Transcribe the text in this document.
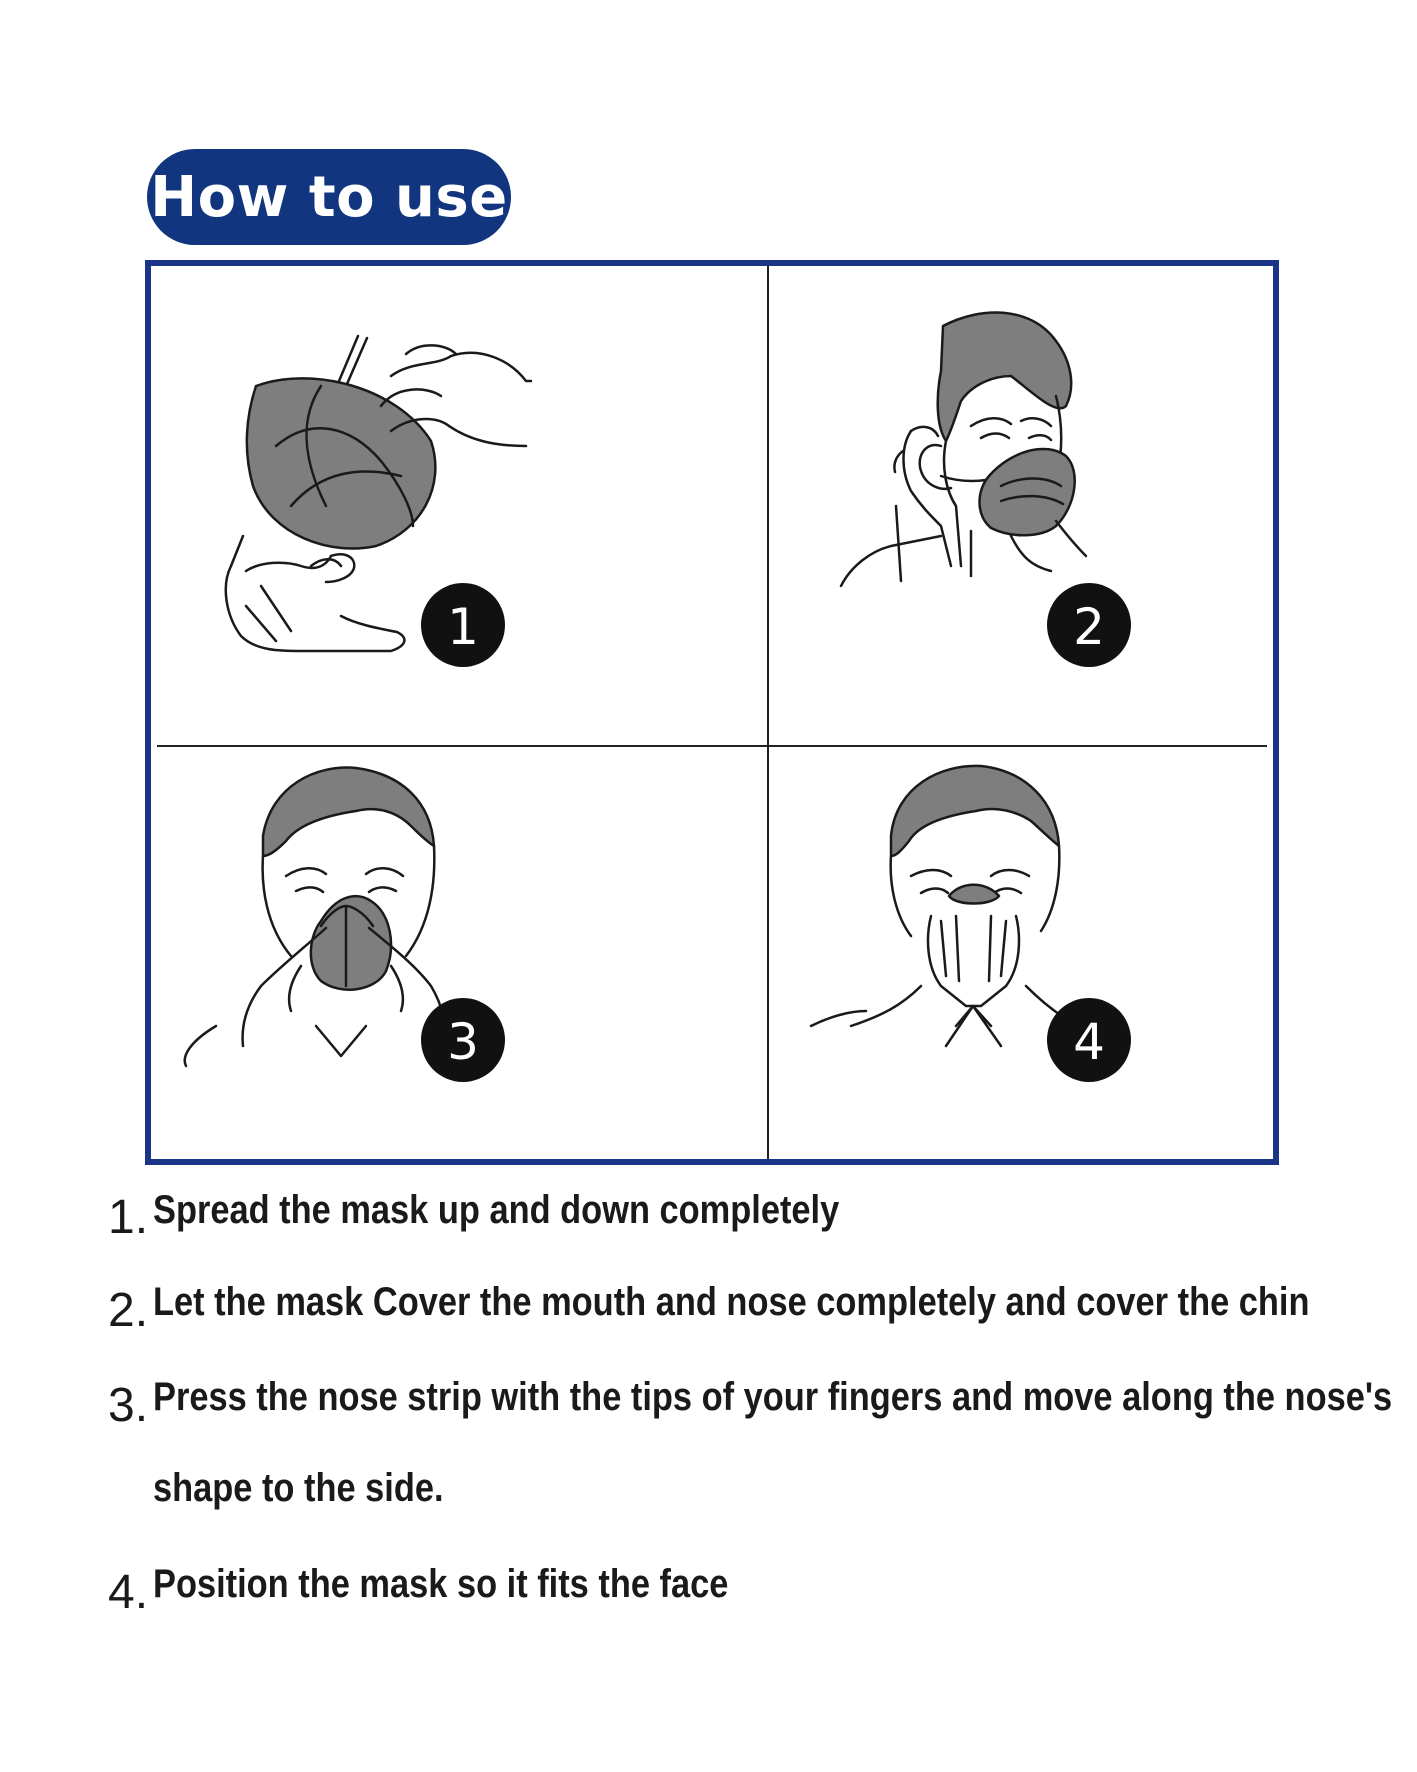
How to use
1	2
3	4
1. Spread the mask up and down completely
2. Let the mask Cover the mouth and nose completely and cover the chin
3. Press the nose strip with the tips of your fingers and move along the nose's
shape to the side.
4. Position the mask so it fits the face
